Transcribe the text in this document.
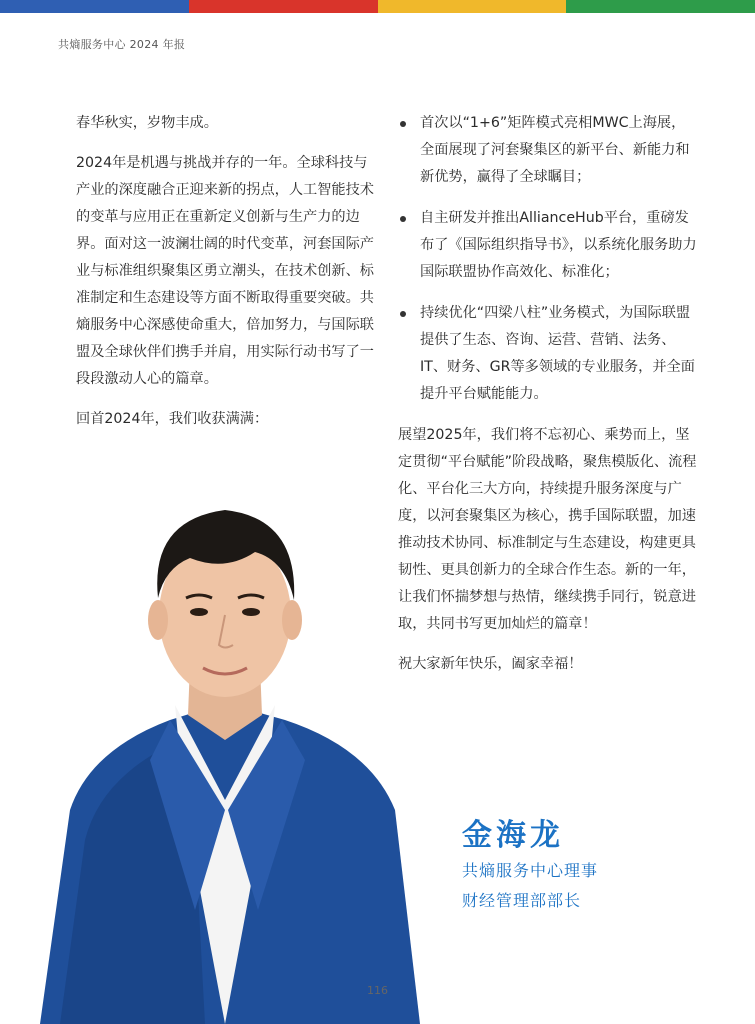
共熵服务中心 2024 年报

春华秋实，岁物丰成。

2024年是机遇与挑战并存的一年。全球科技与产业的深度融合正迎来新的拐点，人工智能技术的变革与应用正在重新定义创新与生产力的边界。面对这一波澜壮阔的时代变革，河套国际产业与标准组织聚集区勇立潮头，在技术创新、标准制定和生态建设等方面不断取得重要突破。共熵服务中心深感使命重大，倍加努力，与国际联盟及全球伙伴们携手并肩，用实际行动书写了一段段激动人心的篇章。

回首2024年，我们收获满满：

首次以“1+6”矩阵模式亮相MWC上海展，全面展现了河套聚集区的新平台、新能力和新优势，赢得了全球瞩目；
自主研发并推出AllianceHub平台，重磅发布了《国际组织指导书》，以系统化服务助力国际联盟协作高效化、标准化；
持续优化“四梁八柱”业务模式，为国际联盟提供了生态、咨询、运营、营销、法务、IT、财务、GR等多领域的专业服务，并全面提升平台赋能能力。

展望2025年，我们将不忘初心、乘势而上，坚定贯彻“平台赋能”阶段战略，聚焦模版化、流程化、平台化三大方向，持续提升服务深度与广度，以河套聚集区为核心，携手国际联盟，加速推动技术协同、标准制定与生态建设，构建更具韧性、更具创新力的全球合作生态。新的一年，让我们怀揣梦想与热情，继续携手同行，锐意进取，共同书写更加灿烂的篇章！

祝大家新年快乐，阖家幸福！

金海龙
共熵服务中心理事
财经管理部部长
116
